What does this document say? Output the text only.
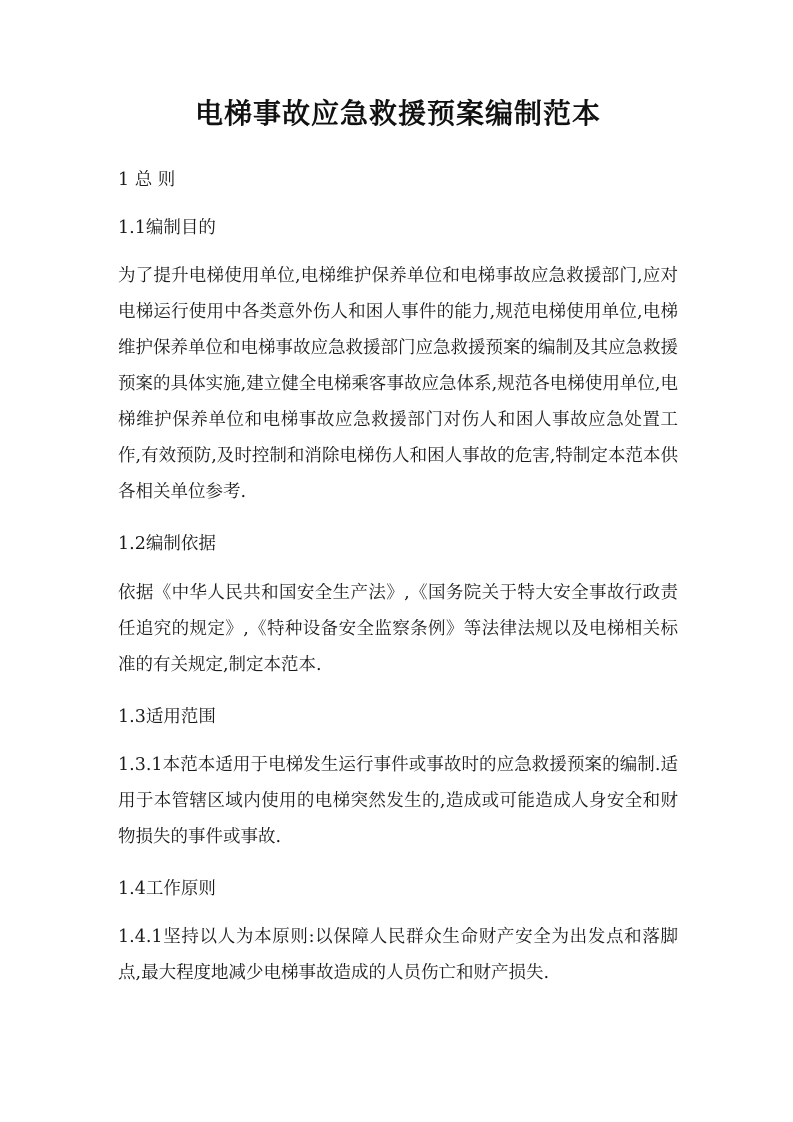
电梯事故应急救援预案编制范本

1 总 则

1.1编制目的

为了提升电梯使用单位,电梯维护保养单位和电梯事故应急救援部门,应对电梯运行使用中各类意外伤人和困人事件的能力,规范电梯使用单位,电梯维护保养单位和电梯事故应急救援部门应急救援预案的编制及其应急救援预案的具体实施,建立健全电梯乘客事故应急体系,规范各电梯使用单位,电梯维护保养单位和电梯事故应急救援部门对伤人和困人事故应急处置工作,有效预防,及时控制和消除电梯伤人和困人事故的危害,特制定本范本供各相关单位参考.

1.2编制依据

依据《中华人民共和国安全生产法》,《国务院关于特大安全事故行政责任追究的规定》,《特种设备安全监察条例》等法律法规以及电梯相关标准的有关规定,制定本范本.

1.3适用范围

1.3.1本范本适用于电梯发生运行事件或事故时的应急救援预案的编制.适用于本管辖区域内使用的电梯突然发生的,造成或可能造成人身安全和财物损失的事件或事故.

1.4工作原则

1.4.1坚持以人为本原则:以保障人民群众生命财产安全为出发点和落脚点,最大程度地减少电梯事故造成的人员伤亡和财产损失.
